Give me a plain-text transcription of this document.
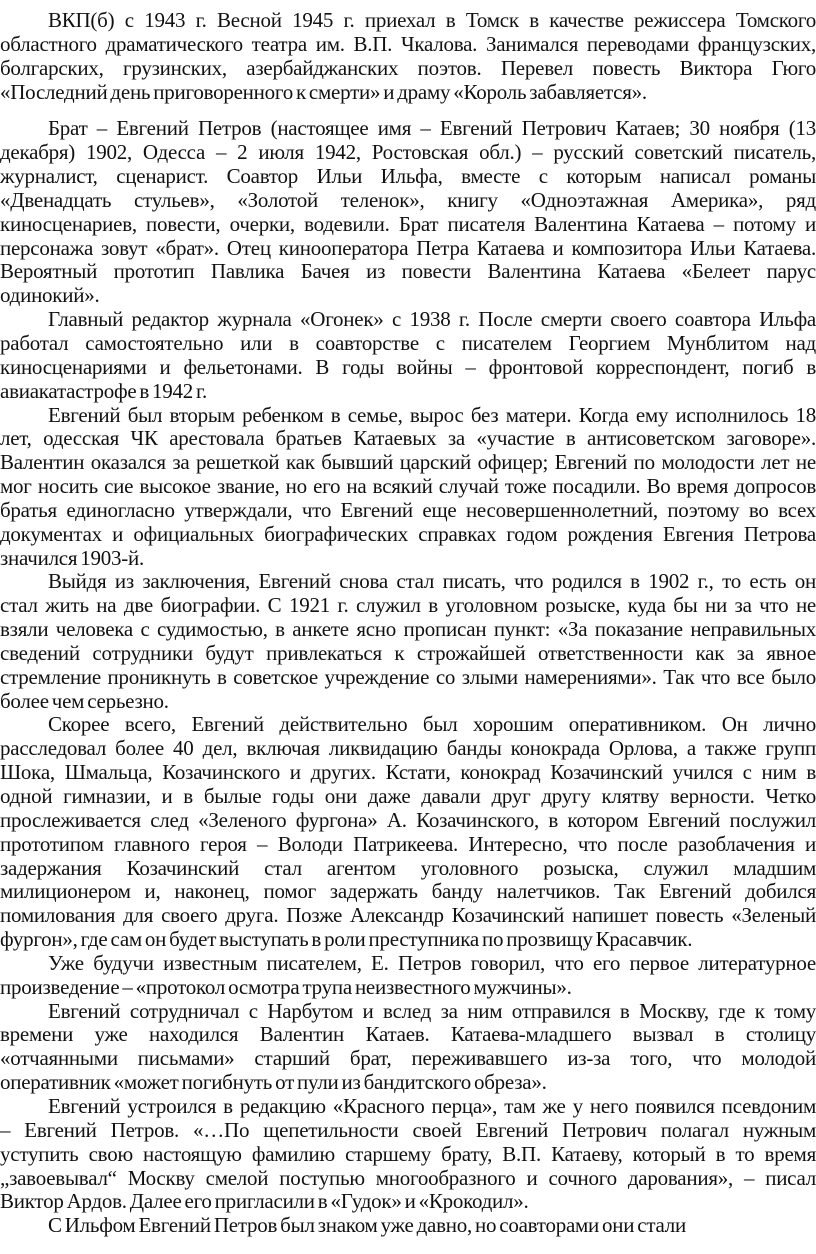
ВКП(б) с 1943 г. Весной 1945 г. приехал в Томск в качестве режиссера Томского
областного драматического театра им. В.П. Чкалова. Занимался переводами французских,
болгарских, грузинских, азербайджанских поэтов. Перевел повесть Виктора Гюго
«Последний день приговоренного к смерти» и драму «Король забавляется».
Брат – Евгений Петров (настоящее имя – Евгений Петрович Катаев; 30 ноября (13
декабря) 1902, Одесса – 2 июля 1942, Ростовская обл.) – русский советский писатель,
журналист, сценарист. Соавтор Ильи Ильфа, вместе с которым написал романы
«Двенадцать стульев», «Золотой теленок», книгу «Одноэтажная Америка», ряд
киносценариев, повести, очерки, водевили. Брат писателя Валентина Катаева – потому и
персонажа зовут «брат». Отец кинооператора Петра Катаева и композитора Ильи Катаева.
Вероятный прототип Павлика Бачея из повести Валентина Катаева «Белеет парус
одинокий».
Главный редактор журнала «Огонек» с 1938 г. После смерти своего соавтора Ильфа
работал самостоятельно или в соавторстве с писателем Георгием Мунблитом над
киносценариями и фельетонами. В годы войны – фронтовой корреспондент, погиб в
авиакатастрофе в 1942 г.
Евгений был вторым ребенком в семье, вырос без матери. Когда ему исполнилось 18
лет, одесская ЧК арестовала братьев Катаевых за «участие в антисоветском заговоре».
Валентин оказался за решеткой как бывший царский офицер; Евгений по молодости лет не
мог носить сие высокое звание, но его на всякий случай тоже посадили. Во время допросов
братья единогласно утверждали, что Евгений еще несовершеннолетний, поэтому во всех
документах и официальных биографических справках годом рождения Евгения Петрова
значился 1903-й.
Выйдя из заключения, Евгений снова стал писать, что родился в 1902 г., то есть он
стал жить на две биографии. С 1921 г. служил в уголовном розыске, куда бы ни за что не
взяли человека с судимостью, в анкете ясно прописан пункт: «За показание неправильных
сведений сотрудники будут привлекаться к строжайшей ответственности как за явное
стремление проникнуть в советское учреждение со злыми намерениями». Так что все было
более чем серьезно.
Скорее всего, Евгений действительно был хорошим оперативником. Он лично
расследовал более 40 дел, включая ликвидацию банды конокрада Орлова, а также групп
Шока, Шмальца, Козачинского и других. Кстати, конокрад Козачинский учился с ним в
одной гимназии, и в былые годы они даже давали друг другу клятву верности. Четко
прослеживается след «Зеленого фургона» А. Козачинского, в котором Евгений послужил
прототипом главного героя – Володи Патрикеева. Интересно, что после разоблачения и
задержания Козачинский стал агентом уголовного розыска, служил младшим
милиционером и, наконец, помог задержать банду налетчиков. Так Евгений добился
помилования для своего друга. Позже Александр Козачинский напишет повесть «Зеленый
фургон», где сам он будет выступать в роли преступника по прозвищу Красавчик.
Уже будучи известным писателем, Е. Петров говорил, что его первое литературное
произведение – «протокол осмотра трупа неизвестного мужчины».
Евгений сотрудничал с Нарбутом и вслед за ним отправился в Москву, где к тому
времени уже находился Валентин Катаев. Катаева-младшего вызвал в столицу
«отчаянными письмами» старший брат, переживавшего из-за того, что молодой
оперативник «может погибнуть от пули из бандитского обреза».
Евгений устроился в редакцию «Красного перца», там же у него появился псевдоним
– Евгений Петров. «…По щепетильности своей Евгений Петрович полагал нужным
уступить свою настоящую фамилию старшему брату, В.П. Катаеву, который в то время
„завоевывал“ Москву смелой поступью многообразного и сочного дарования», – писал
Виктор Ардов. Далее его пригласили в «Гудок» и «Крокодил».
С Ильфом Евгений Петров был знаком уже давно, но соавторами они стали
